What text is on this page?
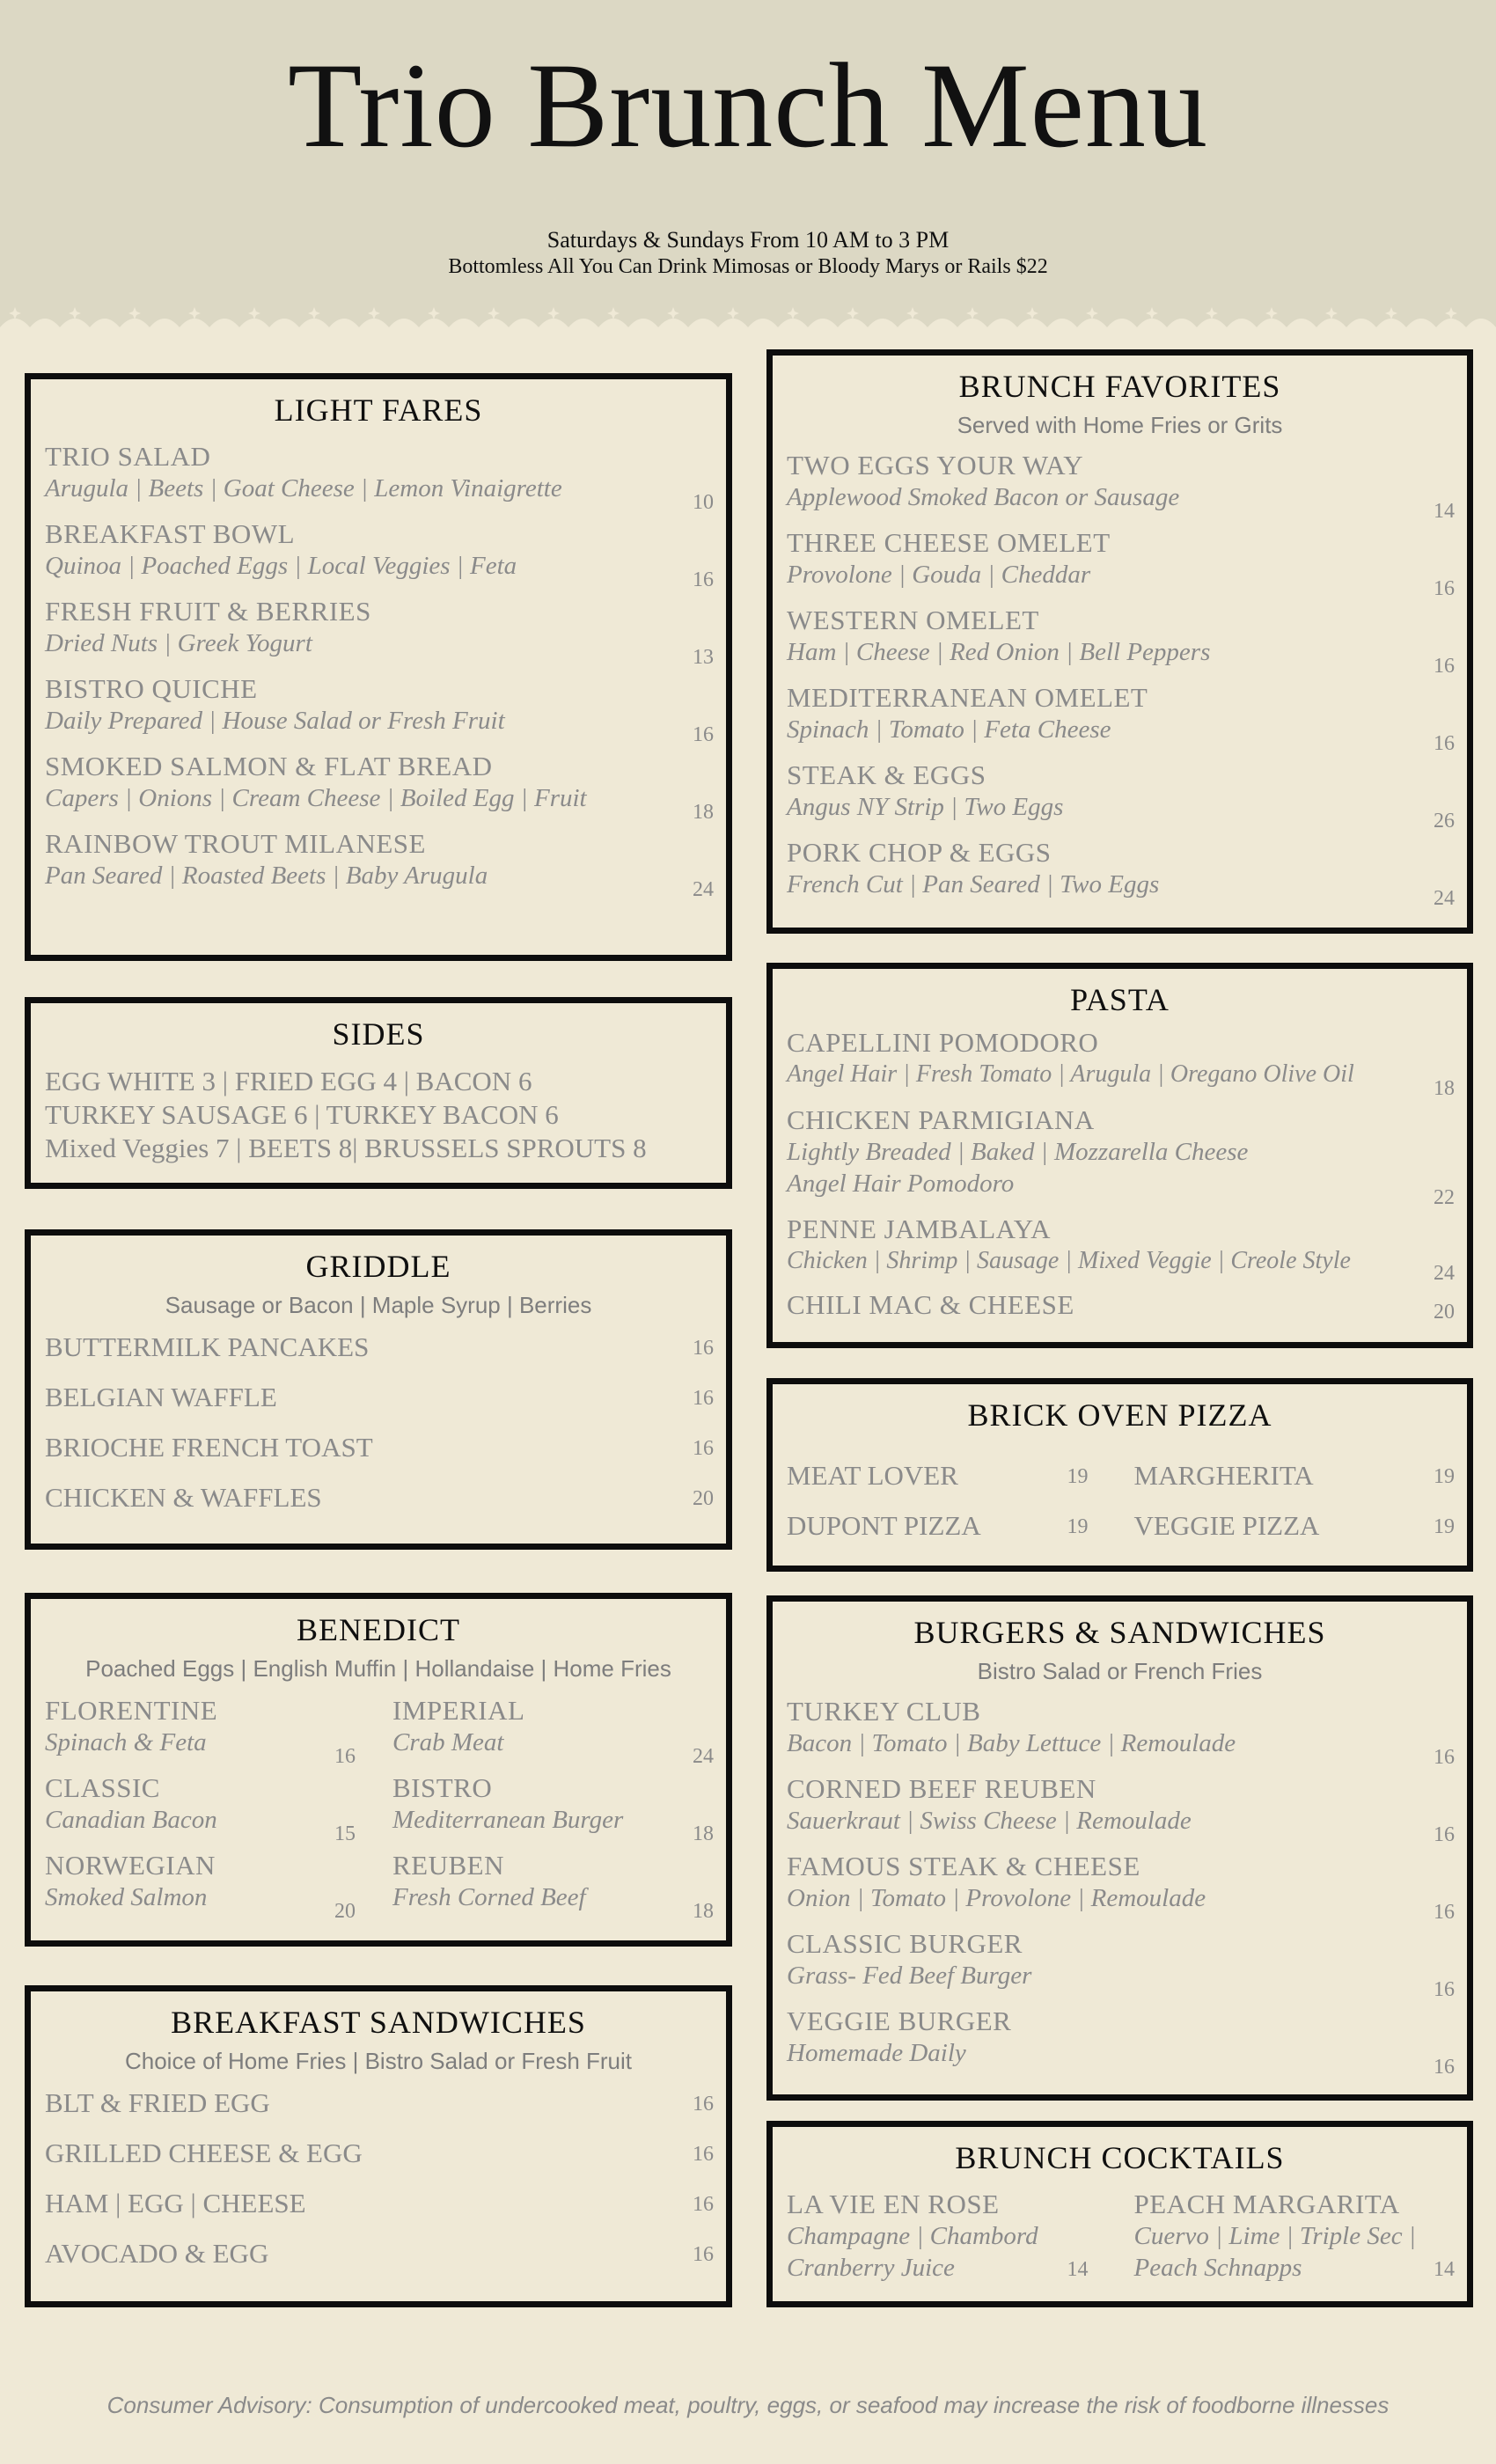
Trio Brunch Menu
Saturdays & Sundays From 10 AM to 3 PM
Bottomless All You Can Drink Mimosas or Bloody Marys or Rails $22
LIGHT FARES
TRIO SALAD
Arugula | Beets | Goat Cheese | Lemon Vinaigrette	10
BREAKFAST BOWL
Quinoa | Poached Eggs | Local Veggies | Feta	16
FRESH FRUIT & BERRIES
Dried Nuts | Greek Yogurt	13
BISTRO QUICHE
Daily Prepared | House Salad or Fresh Fruit	16
SMOKED SALMON & FLAT BREAD
Capers | Onions | Cream Cheese | Boiled Egg | Fruit	18
RAINBOW TROUT MILANESE
Pan Seared | Roasted Beets | Baby Arugula	24
SIDES
EGG WHITE 3 | FRIED EGG 4 | BACON 6
TURKEY SAUSAGE 6 | TURKEY BACON 6
Mixed Veggies 7 | BEETS 8| BRUSSELS SPROUTS 8
GRIDDLE
Sausage or Bacon | Maple Syrup | Berries
BUTTERMILK PANCAKES	16
BELGIAN WAFFLE	16
BRIOCHE FRENCH TOAST	16
CHICKEN & WAFFLES	20
BENEDICT
Poached Eggs | English Muffin | Hollandaise | Home Fries
FLORENTINE
Spinach & Feta	16
CLASSIC
Canadian Bacon	15
NORWEGIAN
Smoked Salmon	20
IMPERIAL
Crab Meat	24
BISTRO
Mediterranean Burger	18
REUBEN
Fresh Corned Beef	18
BREAKFAST SANDWICHES
Choice of Home Fries | Bistro Salad or Fresh Fruit
BLT & FRIED EGG	16
GRILLED CHEESE & EGG	16
HAM | EGG | CHEESE	16
AVOCADO & EGG	16
BRUNCH FAVORITES
Served with Home Fries or Grits
TWO EGGS YOUR WAY
Applewood Smoked Bacon or Sausage	14
THREE CHEESE OMELET
Provolone | Gouda | Cheddar	16
WESTERN OMELET
Ham | Cheese | Red Onion | Bell Peppers	16
MEDITERRANEAN OMELET
Spinach | Tomato | Feta Cheese	16
STEAK & EGGS
Angus NY Strip | Two Eggs	26
PORK CHOP & EGGS
French Cut | Pan Seared | Two Eggs	24
PASTA
CAPELLINI POMODORO
Angel Hair | Fresh Tomato | Arugula | Oregano Olive Oil
18
CHICKEN PARMIGIANA
Lightly Breaded | Baked | Mozzarella Cheese
Angel Hair Pomodoro	22
PENNE JAMBALAYA
Chicken | Shrimp | Sausage | Mixed Veggie | Creole Style	24
CHILI MAC & CHEESE	20
BRICK OVEN PIZZA
MEAT LOVER	19
DUPONT PIZZA	19
MARGHERITA	19
VEGGIE PIZZA	19
BURGERS & SANDWICHES
Bistro Salad or French Fries
TURKEY CLUB
Bacon | Tomato | Baby Lettuce | Remoulade	16
CORNED BEEF REUBEN
Sauerkraut | Swiss Cheese | Remoulade	16
FAMOUS STEAK & CHEESE
Onion | Tomato | Provolone | Remoulade	16
CLASSIC BURGER
Grass- Fed Beef Burger	16
VEGGIE BURGER
Homemade Daily	16
BRUNCH COCKTAILS
LA VIE EN ROSE
Champagne | Chambord
Cranberry Juice	14
PEACH MARGARITA
Cuervo | Lime | Triple Sec |
Peach Schnapps	14
Consumer Advisory: Consumption of undercooked meat, poultry, eggs, or seafood may increase the risk of foodborne illnesses
